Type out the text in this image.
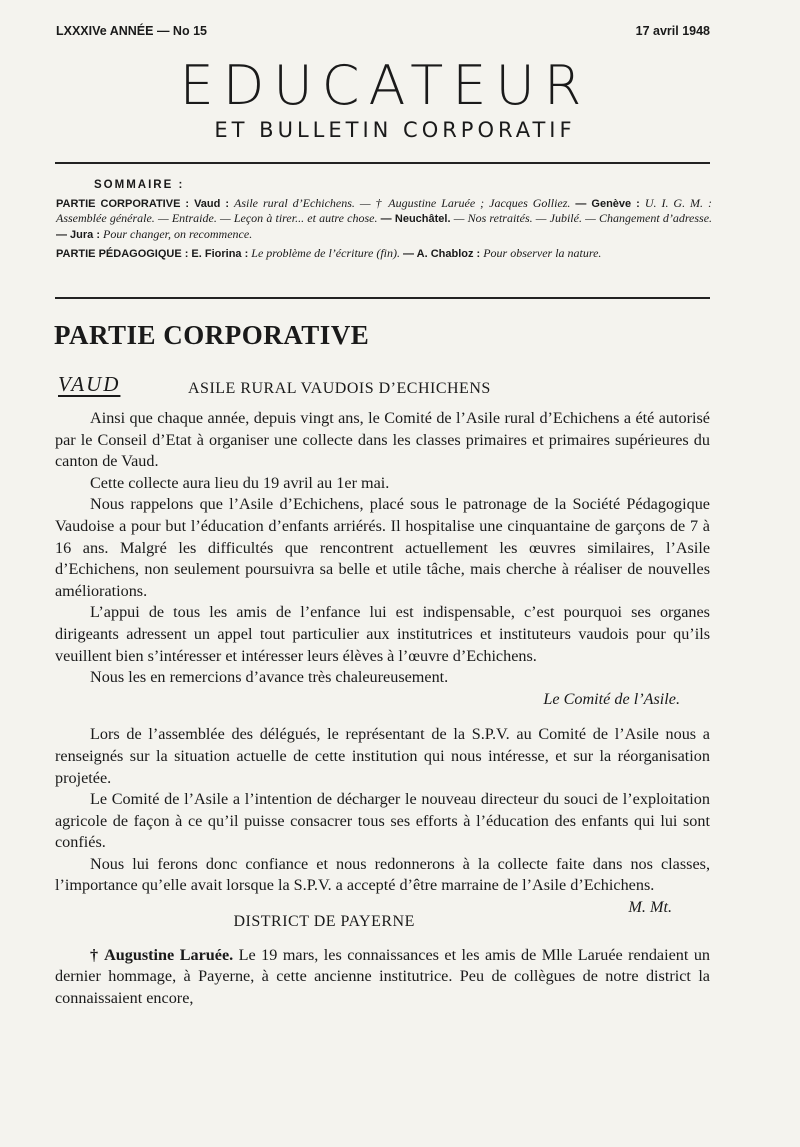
LXXXIVe ANNÉE — No 15	17 avril 1948
EDUCATEUR
ET BULLETIN CORPORATIF
SOMMAIRE :

PARTIE CORPORATIVE : Vaud : Asile rural d’Echichens. — † Augustine Laruée ; Jacques Golliez. — Genève : U. I. G. M. : Assemblée générale. — Entraide. — Leçon à tirer... et autre chose. — Neuchâtel. — Nos retraités. — Jubilé. — Changement d’adresse. — Jura : Pour changer, on recommence.

PARTIE PÉDAGOGIQUE : E. Fiorina : Le problème de l’écriture (fin). — A. Chabloz : Pour observer la nature.

PARTIE CORPORATIVE
VAUD	ASILE RURAL VAUDOIS D’ECHICHENS

Ainsi que chaque année, depuis vingt ans, le Comité de l’Asile rural d’Echichens a été autorisé par le Conseil d’Etat à organiser une collecte dans les classes primaires et primaires supérieures du canton de Vaud.

Cette collecte aura lieu du 19 avril au 1er mai.

Nous rappelons que l’Asile d’Echichens, placé sous le patronage de la Société Pédagogique Vaudoise a pour but l’éducation d’enfants arriérés. Il hospitalise une cinquantaine de garçons de 7 à 16 ans. Malgré les difficultés que rencontrent actuellement les œuvres similaires, l’Asile d’Echichens, non seulement poursuivra sa belle et utile tâche, mais cherche à réaliser de nouvelles améliorations.

L’appui de tous les amis de l’enfance lui est indispensable, c’est pourquoi ses organes dirigeants adressent un appel tout particulier aux institutrices et instituteurs vaudois pour qu’ils veuillent bien s’intéresser et intéresser leurs élèves à l’œuvre d’Echichens.

Nous les en remercions d’avance très chaleureusement.

Le Comité de l’Asile.

Lors de l’assemblée des délégués, le représentant de la S.P.V. au Comité de l’Asile nous a renseignés sur la situation actuelle de cette institution qui nous intéresse, et sur la réorganisation projetée.

Le Comité de l’Asile a l’intention de décharger le nouveau directeur du souci de l’exploitation agricole de façon à ce qu’il puisse consacrer tous ses efforts à l’éducation des enfants qui lui sont confiés.

Nous lui ferons donc confiance et nous redonnerons à la collecte faite dans nos classes, l’importance qu’elle avait lorsque la S.P.V. a accepté d’être marraine de l’Asile d’Echichens.
M. Mt.

DISTRICT DE PAYERNE

† Augustine Laruée. Le 19 mars, les connaissances et les amis de Mlle Laruée rendaient un dernier hommage, à Payerne, à cette ancienne institutrice. Peu de collègues de notre district la connaissaient encore,
